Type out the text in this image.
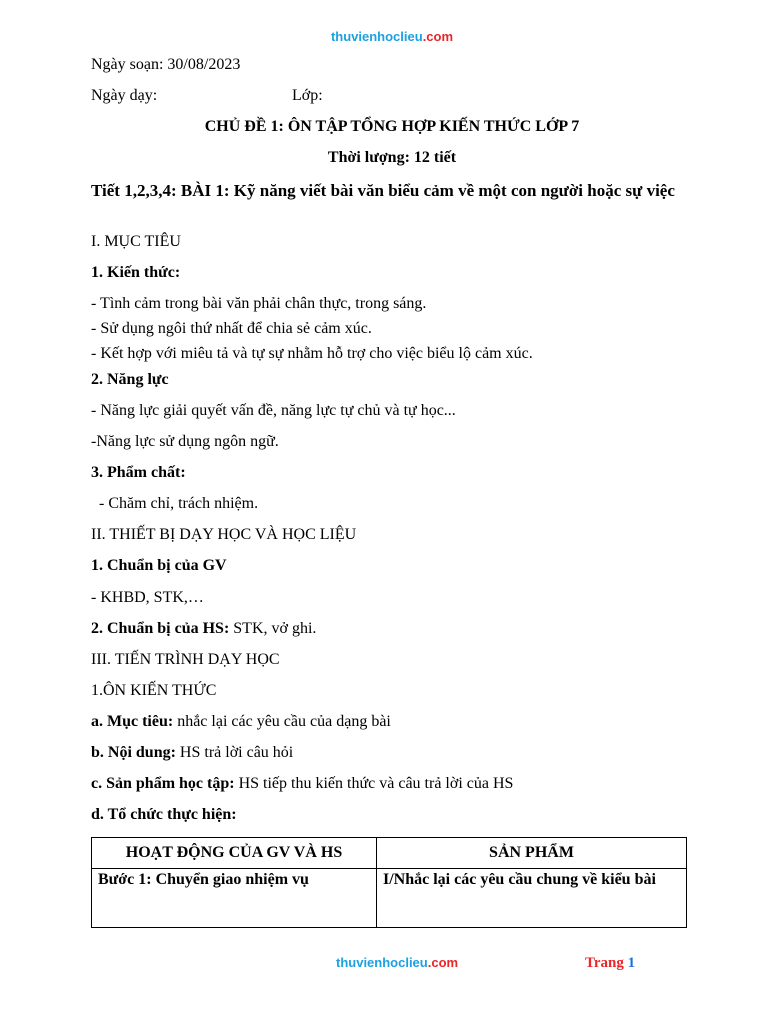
thuvienhoclieu.com
Ngày soạn: 30/08/2023
Ngày dạy:	Lớp:
CHỦ ĐỀ 1: ÔN TẬP TỔNG HỢP KIẾN THỨC LỚP 7
Thời lượng: 12 tiết
Tiết 1,2,3,4: BÀI 1: Kỹ năng viết bài văn biểu cảm về một con người hoặc sự việc
I. MỤC TIÊU
1. Kiến thức:
- Tình cảm trong bài văn phải chân thực, trong sáng.
- Sử dụng ngôi thứ nhất để chia sẻ cảm xúc.
- Kết hợp với miêu tả và tự sự nhằm hỗ trợ cho việc biểu lộ cảm xúc.
2. Năng lực
- Năng lực giải quyết vấn đề, năng lực tự chủ và tự học...
-Năng lực sử dụng ngôn ngữ.
3. Phẩm chất:
- Chăm chỉ, trách nhiệm.
II. THIẾT BỊ DẠY HỌC VÀ HỌC LIỆU
1. Chuẩn bị của GV
- KHBD, STK,…
2. Chuẩn bị của HS: STK, vở ghi.
III. TIẾN TRÌNH DẠY HỌC
1.ÔN KIẾN THỨC
a. Mục tiêu: nhắc lại các yêu cầu của dạng bài
b. Nội dung: HS trả lời câu hỏi
c. Sản phẩm học tập: HS tiếp thu kiến thức và câu trả lời của HS
d. Tổ chức thực hiện:
HOẠT ĐỘNG CỦA GV VÀ HS	SẢN PHẨM
Bước 1: Chuyển giao nhiệm vụ	I/Nhắc lại các yêu cầu chung về kiểu bài
thuvienhoclieu.com	Trang 1
